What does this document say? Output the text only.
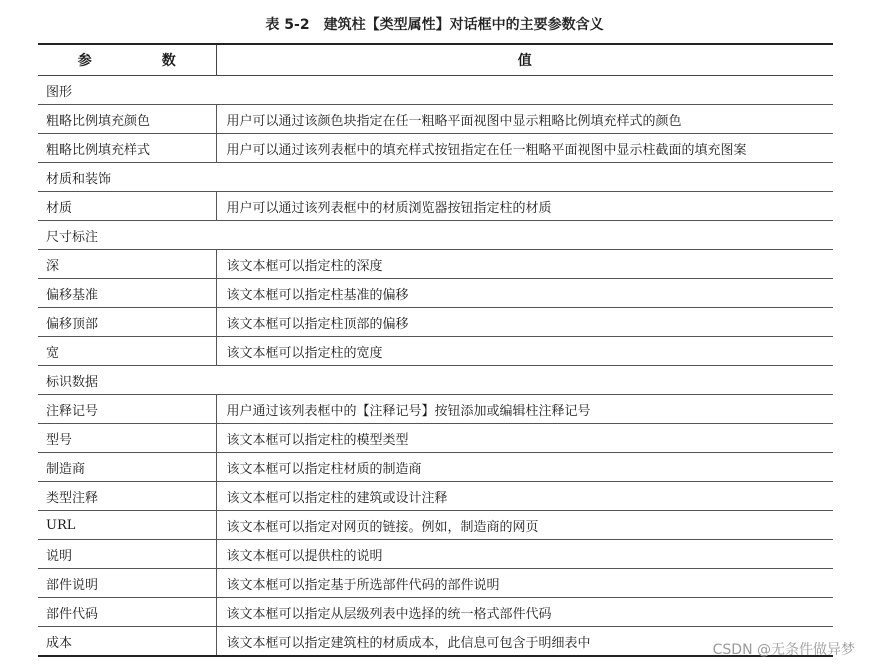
表 5-2　建筑柱【类型属性】对话框中的主要参数含义
参　数	值
图形	
粗略比例填充颜色	用户可以通过该颜色块指定在任一粗略平面视图中显示粗略比例填充样式的颜色
粗略比例填充样式	用户可以通过该列表框中的填充样式按钮指定在任一粗略平面视图中显示柱截面的填充图案
材质和装饰	
材质	用户可以通过该列表框中的材质浏览器按钮指定柱的材质
尺寸标注	
深	该文本框可以指定柱的深度
偏移基准	该文本框可以指定柱基准的偏移
偏移顶部	该文本框可以指定柱顶部的偏移
宽	该文本框可以指定柱的宽度
标识数据	
注释记号	用户通过该列表框中的【注释记号】按钮添加或编辑柱注释记号
型号	该文本框可以指定柱的模型类型
制造商	该文本框可以指定柱材质的制造商
类型注释	该文本框可以指定柱的建筑或设计注释
URL	该文本框可以指定对网页的链接。例如，制造商的网页
说明	该文本框可以提供柱的说明
部件说明	该文本框可以指定基于所选部件代码的部件说明
部件代码	该文本框可以指定从层级列表中选择的统一格式部件代码
成本	该文本框可以指定建筑柱的材质成本，此信息可包含于明细表中	CSDN @无条件做异梦
